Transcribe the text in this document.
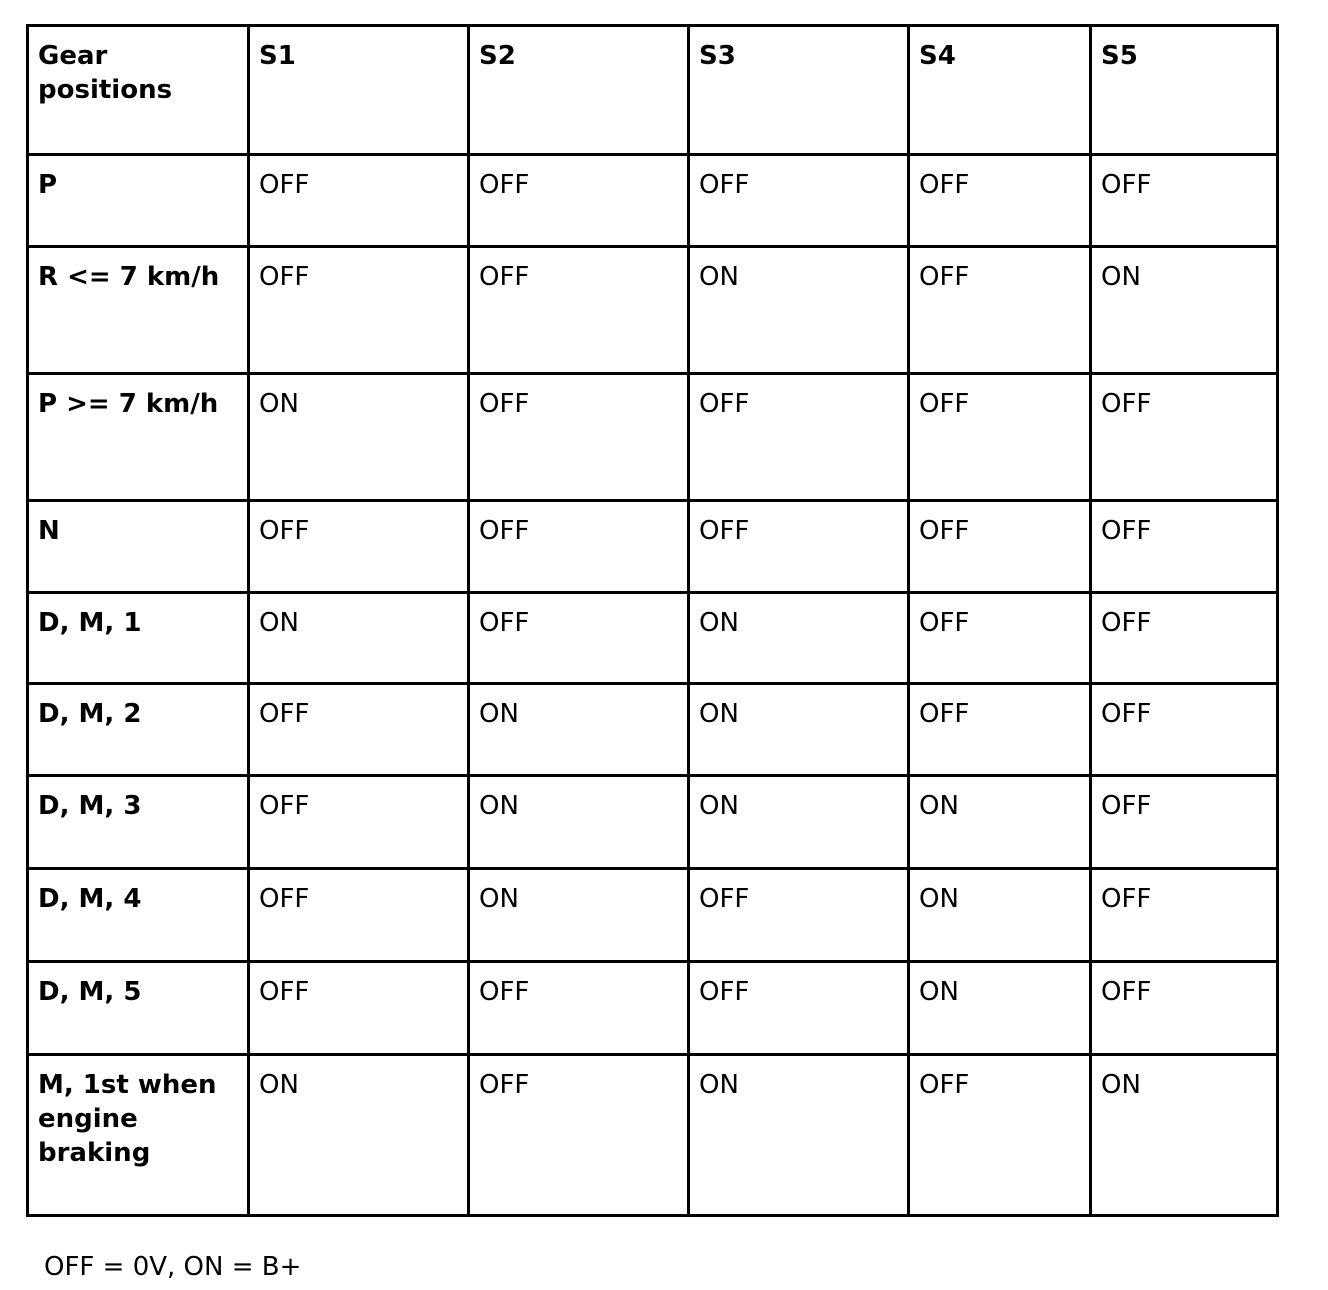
Gear positions	S1	S2	S3	S4	S5
P	OFF	OFF	OFF	OFF	OFF
R <= 7 km/h	OFF	OFF	ON	OFF	ON
P >= 7 km/h	ON	OFF	OFF	OFF	OFF
N	OFF	OFF	OFF	OFF	OFF
D, M, 1	ON	OFF	ON	OFF	OFF
D, M, 2	OFF	ON	ON	OFF	OFF
D, M, 3	OFF	ON	ON	ON	OFF
D, M, 4	OFF	ON	OFF	ON	OFF
D, M, 5	OFF	OFF	OFF	ON	OFF
M, 1st when engine braking	ON	OFF	ON	OFF	ON
OFF = 0V, ON = B+
